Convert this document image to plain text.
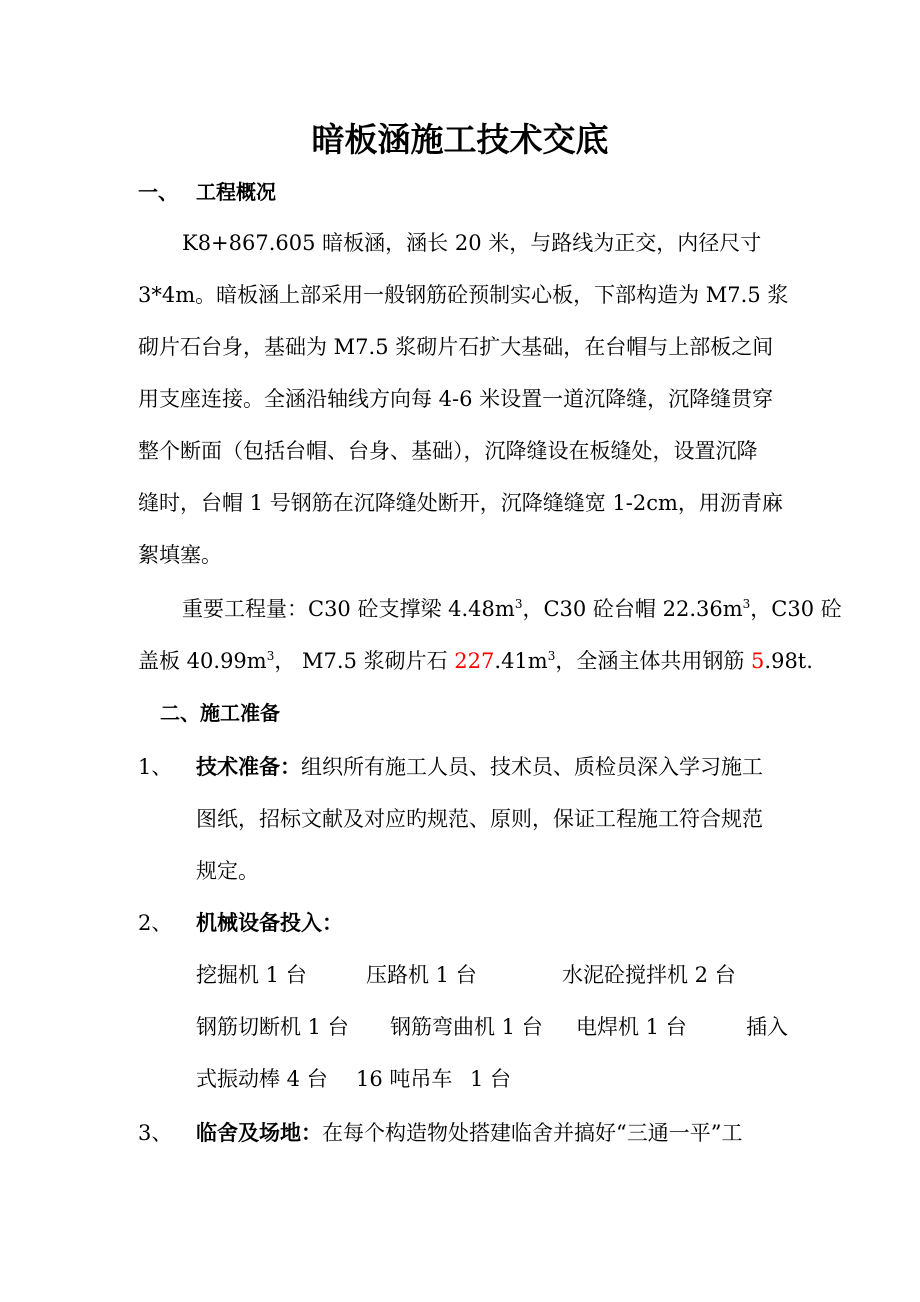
暗板涵施工技术交底
一、 工程概况
K8+867.605 暗板涵，涵长 20 米，与路线为正交，内径尺寸
3*4m。暗板涵上部采用一般钢筋砼预制实心板，下部构造为 M7.5 浆
砌片石台身，基础为 M7.5 浆砌片石扩大基础，在台帽与上部板之间
用支座连接。全涵沿轴线方向每 4-6 米设置一道沉降缝，沉降缝贯穿
整个断面（包括台帽、台身、基础），沉降缝设在板缝处，设置沉降
缝时，台帽 1 号钢筋在沉降缝处断开，沉降缝缝宽 1-2cm，用沥青麻
絮填塞。
重要工程量：C30 砼支撑梁 $4.48m^3$，C30 砼台帽 $22.36m^3$，C30 砼
盖板 $40.99m^3$， M7.5 浆砌片石 $227.41m^3$，全涵主体共用钢筋 5.98t.
二、施工准备
1、 技术准备：组织所有施工人员、技术员、质检员深入学习施工
图纸，招标文献及对应旳规范、原则，保证工程施工符合规范
规定。
2、 机械设备投入：
挖掘机 1 台	压路机 1 台	水泥砼搅拌机 2 台
钢筋切断机 1 台 钢筋弯曲机 1 台 电焊机 1 台	插入
式振动棒 4 台 16 吨吊车 1 台
3、 临舍及场地：在每个构造物处搭建临舍并搞好“三通一平”工
